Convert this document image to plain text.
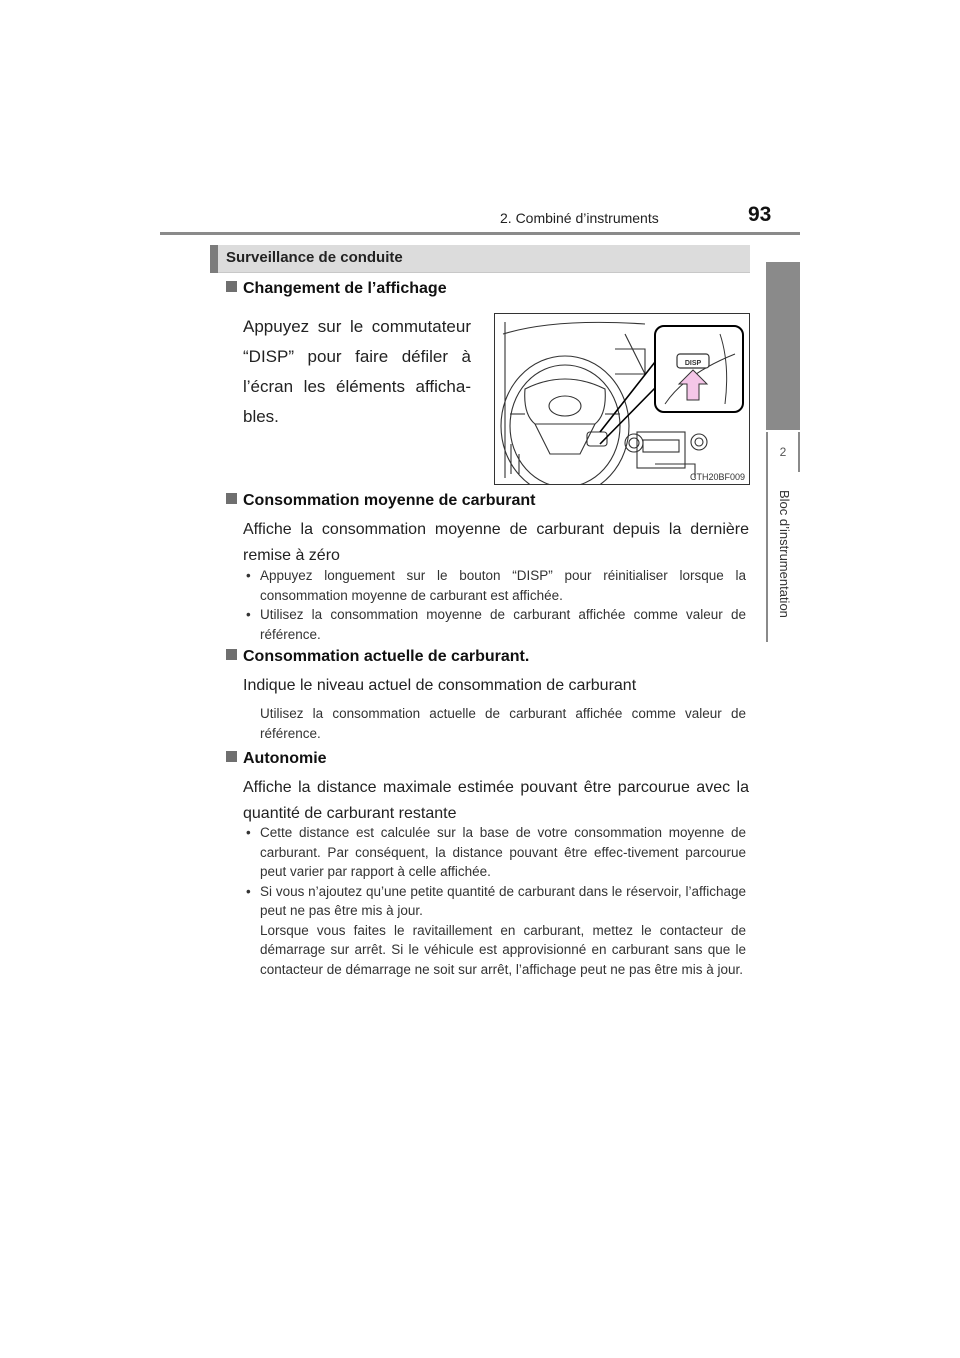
2. Combiné d’instruments	93
2
Bloc d’instrumentation
Surveillance de conduite
Changement de l’affichage
Appuyez sur le commutateur “DISP” pour faire défiler à l’écran les éléments afficha-bles.
DISP
CTH20BF009
Consommation moyenne de carburant
Affiche la consommation moyenne de carburant depuis la dernière remise à zéro
• Appuyez longuement sur le bouton “DISP” pour réinitialiser lorsque la consommation moyenne de carburant est affichée.
• Utilisez la consommation moyenne de carburant affichée comme valeur de référence.
Consommation actuelle de carburant.
Indique le niveau actuel de consommation de carburant
Utilisez la consommation actuelle de carburant affichée comme valeur de référence.
Autonomie
Affiche la distance maximale estimée pouvant être parcourue avec la quantité de carburant restante
• Cette distance est calculée sur la base de votre consommation moyenne de carburant. Par conséquent, la distance pouvant être effec-tivement parcourue peut varier par rapport à celle affichée.
• Si vous n’ajoutez qu’une petite quantité de carburant dans le réservoir, l’affichage peut ne pas être mis à jour.
Lorsque vous faites le ravitaillement en carburant, mettez le contacteur de démarrage sur arrêt. Si le véhicule est approvisionné en carburant sans que le contacteur de démarrage ne soit sur arrêt, l’affichage peut ne pas être mis à jour.
